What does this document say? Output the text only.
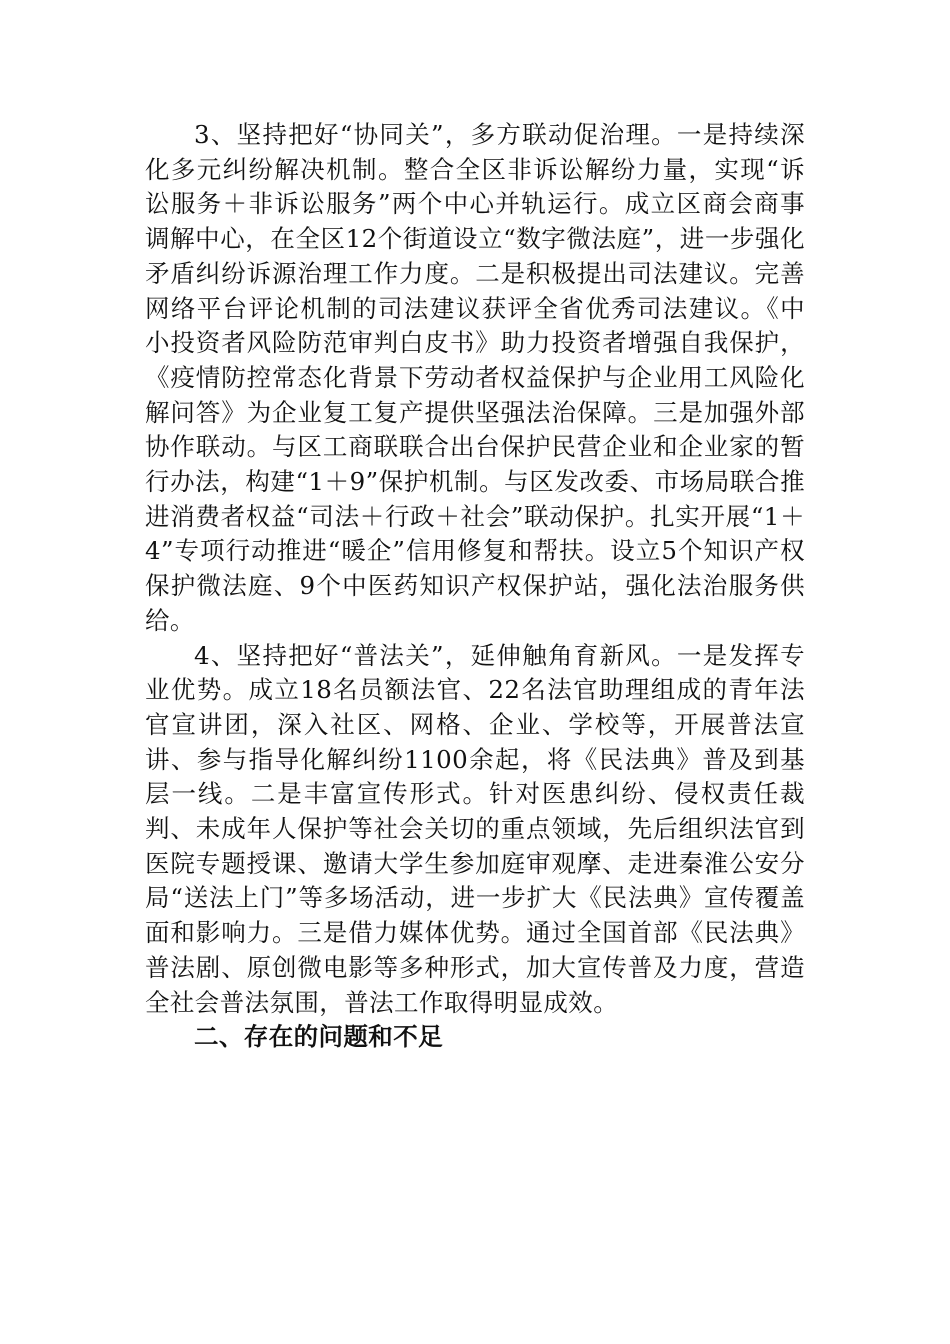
3、坚持把好“协同关”，多方联动促治理。一是持续深化多元纠纷解决机制。整合全区非诉讼解纷力量，实现“诉讼服务＋非诉讼服务”两个中心并轨运行。成立区商会商事调解中心，在全区12个街道设立“数字微法庭”，进一步强化矛盾纠纷诉源治理工作力度。二是积极提出司法建议。完善网络平台评论机制的司法建议获评全省优秀司法建议。《中小投资者风险防范审判白皮书》助力投资者增强自我保护，《疫情防控常态化背景下劳动者权益保护与企业用工风险化解问答》为企业复工复产提供坚强法治保障。三是加强外部协作联动。与区工商联联合出台保护民营企业和企业家的暂行办法，构建“1＋9”保护机制。与区发改委、市场局联合推进消费者权益“司法＋行政＋社会”联动保护。扎实开展“1＋4”专项行动推进“暖企”信用修复和帮扶。设立5个知识产权保护微法庭、9个中医药知识产权保护站，强化法治服务供给。

4、坚持把好“普法关”，延伸触角育新风。一是发挥专业优势。成立18名员额法官、22名法官助理组成的青年法官宣讲团，深入社区、网格、企业、学校等，开展普法宣讲、参与指导化解纠纷1100余起，将《民法典》普及到基层一线。二是丰富宣传形式。针对医患纠纷、侵权责任裁判、未成年人保护等社会关切的重点领域，先后组织法官到医院专题授课、邀请大学生参加庭审观摩、走进秦淮公安分局“送法上门”等多场活动，进一步扩大《民法典》宣传覆盖面和影响力。三是借力媒体优势。通过全国首部《民法典》普法剧、原创微电影等多种形式，加大宣传普及力度，营造全社会普法氛围，普法工作取得明显成效。

二、存在的问题和不足
